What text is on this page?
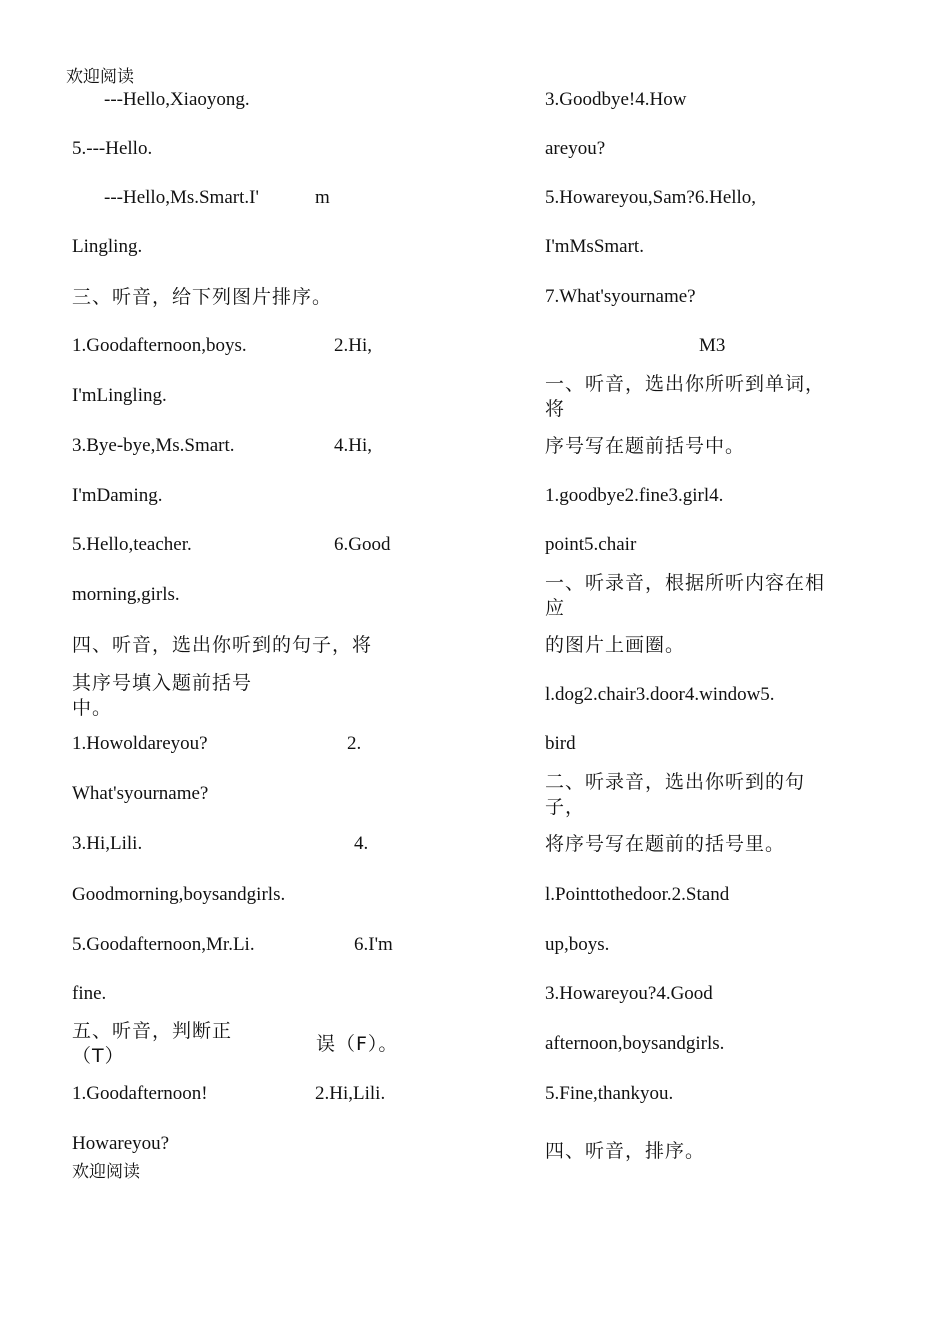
欢迎阅读
欢迎阅读
---Hello,Xiaoyong.
5.---Hello.
---Hello,Ms.Smart.I'	m
Lingling.
三、听音，给下列图片排序。
1.Goodafternoon,boys.	2.Hi,
I'mLingling.
3.Bye-bye,Ms.Smart.	4.Hi,
I'mDaming.
5.Hello,teacher.	6.Good
morning,girls.
四、听音，选出你听到的句子，将
其序号填入题前括号
中。
1.Howoldareyou?	2.
What'syourname?
3.Hi,Lili.	4.
Goodmorning,boysandgirls.
5.Goodafternoon,Mr.Li.	6.I'm
fine.
五、听音，判断正
（T）
误（F）。
1.Goodafternoon!	2.Hi,Lili.
Howareyou?
3.Goodbye!4.How
areyou?
5.Howareyou,Sam?6.Hello,
I'mMsSmart.
7.What'syourname?
M3
一、听音，选出你所听到单词，
将
序号写在题前括号中。
1.goodbye2.fine3.girl4.
point5.chair
一、听录音，根据所听内容在相
应
的图片上画圈。
l.dog2.chair3.door4.window5.
bird
二、听录音，选出你听到的句
子，
将序号写在题前的括号里。
l.Pointtothedoor.2.Stand
up,boys.
3.Howareyou?4.Good
afternoon,boysandgirls.
5.Fine,thankyou.
四、听音，排序。
